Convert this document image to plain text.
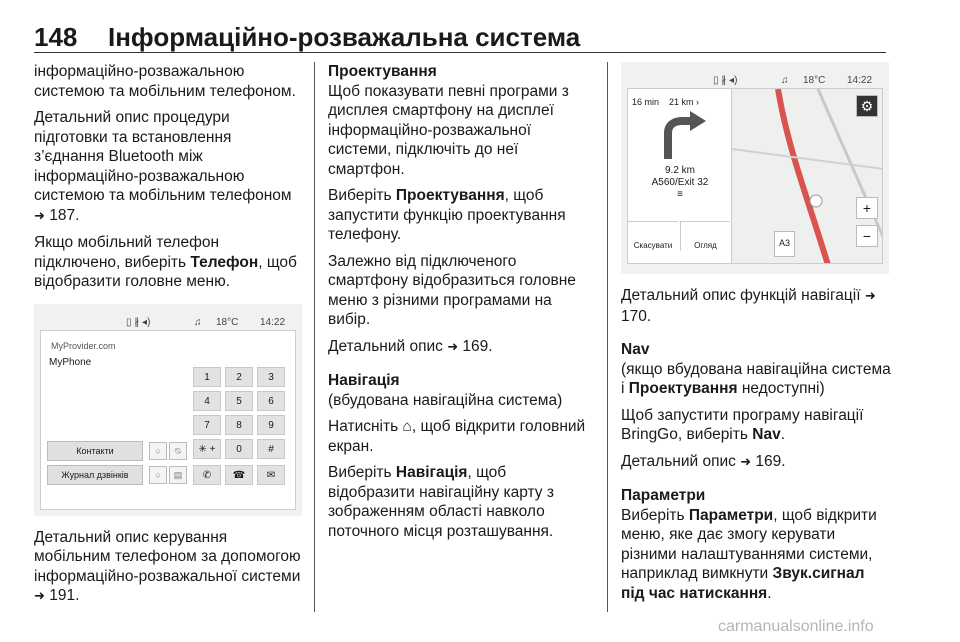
148 Інформаційно-розважальна система

інформаційно-розважальною системою та мобільним телефоном.

Детальний опис процедури підготовки та встановлення з’єднання Bluetooth між інформаційно-розважальною системою та мобільним телефоном ➜ 187.

Якщо мобільний телефон підключено, виберіть Телефон, щоб відобразити головне меню.

▯ ∦ ◂)	♫ 18°C 14:22
MyProvider.com
MyPhone
1	2	3
4	5	6
7	8	9
✳ +	0	#
✆	☎	✉
Контакти
Журнал дзвінків
○	⍉
○	▤

Детальний опис керування мобільним телефоном за допомогою інформаційно-розважальної системи ➜ 191.

Проектування

Щоб показувати певні програми з дисплея смартфону на дисплеї інформаційно-розважальної системи, підключіть до неї смартфон.

Виберіть Проектування, щоб запустити функцію проектування телефону.

Залежно від підключеного смартфону відобразиться головне меню з різними програмами на вибір.

Детальний опис ➜ 169.

Навігація

(вбудована навігаційна система)

Натисніть ⌂, щоб відкрити головний екран.

Виберіть Навігація, щоб відобразити навігаційну карту з зображенням області навколо поточного місця розташування.

▯ ∦ ◂)	♫ 18°C 14:22
16 min 21 km ›
9.2 km
A560/Exit 32
≡
Скасувати	Огляд
⚙
+
−
A3

Детальний опис функцій навігації ➜ 170.

Nav

(якщо вбудована навігаційна система і Проектування недоступні)

Щоб запустити програму навігації BringGo, виберіть Nav.

Детальний опис ➜ 169.

Параметри

Виберіть Параметри, щоб відкрити меню, яке дає змогу керувати різними налаштуваннями системи, наприклад вимкнути Звук.сигнал під час натискання.

carmanualsonline.info
